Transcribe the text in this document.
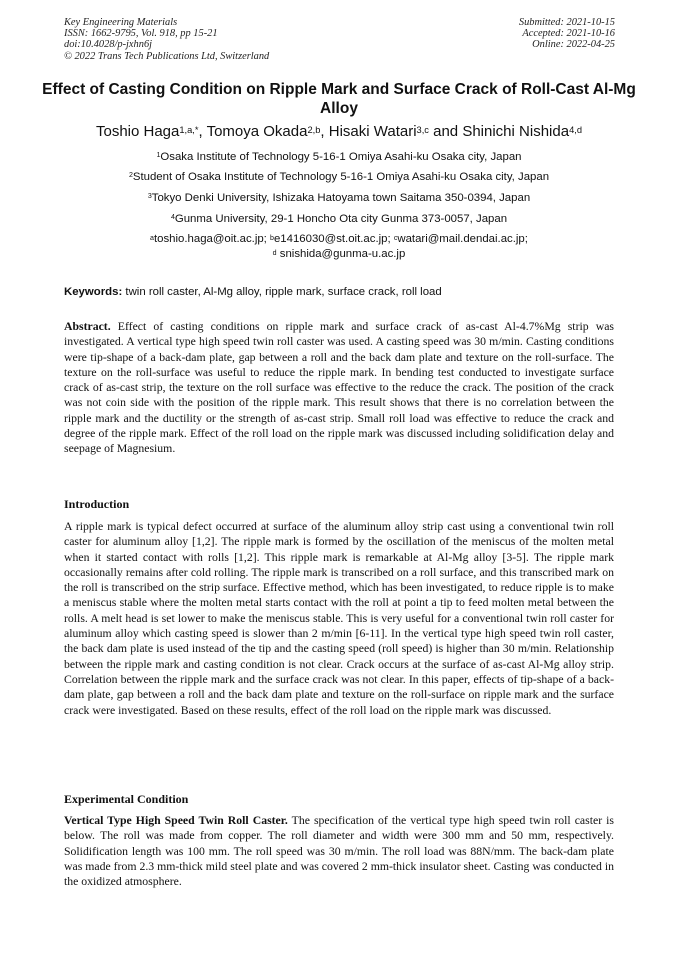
Key Engineering Materials
ISSN: 1662-9795, Vol. 918, pp 15-21
doi:10.4028/p-jxhn6j
© 2022 Trans Tech Publications Ltd, Switzerland
Submitted: 2021-10-15
Accepted: 2021-10-16
Online: 2022-04-25
Effect of Casting Condition on Ripple Mark and Surface Crack of Roll-Cast Al-Mg Alloy
Toshio Haga$^{1,a,*}$, Tomoya Okada$^{2,b}$, Hisaki Watari$^{3,c}$ and Shinichi Nishida$^{4,d}$
$^1$Osaka Institute of Technology 5-16-1 Omiya Asahi-ku Osaka city, Japan
$^2$Student of Osaka Institute of Technology 5-16-1 Omiya Asahi-ku Osaka city, Japan
$^3$Tokyo Denki University, Ishizaka Hatoyama town Saitama 350-0394, Japan
$^4$Gunma University, 29-1 Honcho Ota city Gunma 373-0057, Japan
$^a$toshio.haga@oit.ac.jp; $^b$e1416030@st.oit.ac.jp; $^c$watari@mail.dendai.ac.jp;
$^d$ snishida@gunma-u.ac.jp
Keywords: twin roll caster, Al-Mg alloy, ripple mark, surface crack, roll load
Abstract. Effect of casting conditions on ripple mark and surface crack of as-cast Al-4.7%Mg strip was investigated. A vertical type high speed twin roll caster was used. A casting speed was 30 m/min. Casting conditions were tip-shape of a back-dam plate, gap between a roll and the back dam plate and texture on the roll-surface. The texture on the roll-surface was useful to reduce the ripple mark. In bending test conducted to investigate surface crack of as-cast strip, the texture on the roll surface was effective to the reduce the crack. The position of the crack was not coin side with the position of the ripple mark. This result shows that there is no correlation between the ripple mark and the ductility or the strength of as-cast strip. Small roll load was effective to reduce the crack and degree of the ripple mark. Effect of the roll load on the ripple mark was discussed including solidification delay and seepage of Magnesium.
Introduction
A ripple mark is typical defect occurred at surface of the aluminum alloy strip cast using a conventional twin roll caster for aluminum alloy [1,2]. The ripple mark is formed by the oscillation of the meniscus of the molten metal when it started contact with rolls [1,2]. This ripple mark is remarkable at Al-Mg alloy [3-5]. The ripple mark occasionally remains after cold rolling. The ripple mark is transcribed on a roll surface, and this transcribed mark on the roll is transcribed on the strip surface. Effective method, which has been investigated, to reduce ripple is to make a meniscus stable where the molten metal starts contact with the roll at point a tip to feed molten metal between the rolls. A melt head is set lower to make the meniscus stable. This is very useful for a conventional twin roll caster for aluminum alloy which casting speed is slower than 2 m/min [6-11]. In the vertical type high speed twin roll caster, the back dam plate is used instead of the tip and the casting speed (roll speed) is higher than 30 m/min. Relationship between the ripple mark and casting condition is not clear. Crack occurs at the surface of as-cast Al-Mg alloy strip. Correlation between the ripple mark and the surface crack was not clear. In this paper, effects of tip-shape of a back-dam plate, gap between a roll and the back dam plate and texture on the roll-surface on ripple mark and the surface crack were investigated. Based on these results, effect of the roll load on the ripple mark was discussed.
Experimental Condition
Vertical Type High Speed Twin Roll Caster. The specification of the vertical type high speed twin roll caster is below. The roll was made from copper. The roll diameter and width were 300 mm and 50 mm, respectively. Solidification length was 100 mm. The roll speed was 30 m/min. The roll load was 88N/mm. The back-dam plate was made from 2.3 mm-thick mild steel plate and was covered 2 mm-thick insulator sheet. Casting was conducted in the oxidized atmosphere.
